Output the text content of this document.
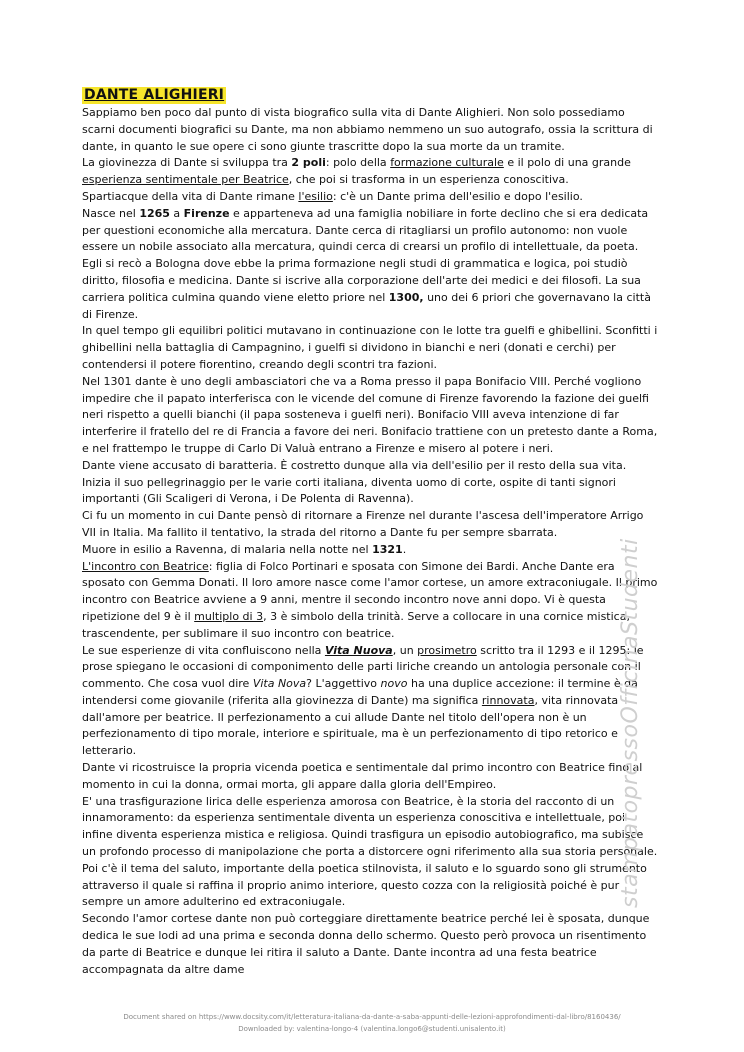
DANTE ALIGHIERI

Sappiamo ben poco dal punto di vista biografico sulla vita di Dante Alighieri. Non solo possediamo scarni documenti biografici su Dante, ma non abbiamo nemmeno un suo autografo, ossia la scrittura di dante, in quanto le sue opere ci sono giunte trascritte dopo la sua morte da un tramite.

La giovinezza di Dante si sviluppa tra 2 poli: polo della formazione culturale e il polo di una grande esperienza sentimentale per Beatrice, che poi si trasforma in un esperienza conoscitiva.

Spartiacque della vita di Dante rimane l'esilio: c'è un Dante prima dell'esilio e dopo l'esilio.

Nasce nel 1265 a Firenze e apparteneva ad una famiglia nobiliare in forte declino che si era dedicata per questioni economiche alla mercatura. Dante cerca di ritagliarsi un profilo autonomo: non vuole essere un nobile associato alla mercatura, quindi cerca di crearsi un profilo di intellettuale, da poeta. Egli si recò a Bologna dove ebbe la prima formazione negli studi di grammatica e logica, poi studiò diritto, filosofia e medicina. Dante si iscrive alla corporazione dell'arte dei medici e dei filosofi. La sua carriera politica culmina quando viene eletto priore nel 1300, uno dei 6 priori che governavano la città di Firenze.

In quel tempo gli equilibri politici mutavano in continuazione con le lotte tra guelfi e ghibellini. Sconfitti i ghibellini nella battaglia di Campagnino, i guelfi si dividono in bianchi e neri (donati e cerchi) per contendersi il potere fiorentino, creando degli scontri tra fazioni.

Nel 1301 dante è uno degli ambasciatori che va a Roma presso il papa Bonifacio VIII. Perché vogliono impedire che il papato interferisca con le vicende del comune di Firenze favorendo la fazione dei guelfi neri rispetto a quelli bianchi (il papa sosteneva i guelfi neri). Bonifacio VIII aveva intenzione di far interferire il fratello del re di Francia a favore dei neri. Bonifacio trattiene con un pretesto dante a Roma, e nel frattempo le truppe di Carlo Di Valuà entrano a Firenze e misero al potere i neri.

Dante viene accusato di baratteria. È costretto dunque alla via dell'esilio per il resto della sua vita. Inizia il suo pellegrinaggio per le varie corti italiana, diventa uomo di corte, ospite di tanti signori importanti (Gli Scaligeri di Verona, i De Polenta di Ravenna).

Ci fu un momento in cui Dante pensò di ritornare a Firenze nel durante l'ascesa dell'imperatore Arrigo VII in Italia. Ma fallito il tentativo, la strada del ritorno a Dante fu per sempre sbarrata.

Muore in esilio a Ravenna, di malaria nella notte nel 1321.

L'incontro con Beatrice: figlia di Folco Portinari e sposata con Simone dei Bardi. Anche Dante era sposato con Gemma Donati. Il loro amore nasce come l'amor cortese, un amore extraconiugale. Il primo incontro con Beatrice avviene a 9 anni, mentre il secondo incontro nove anni dopo. Vi è questa ripetizione del 9 è il multiplo di 3, 3 è simbolo della trinità. Serve a collocare in una cornice mistica, trascendente, per sublimare il suo incontro con beatrice.

Le sue esperienze di vita confluiscono nella Vita Nuova, un prosimetro scritto tra il 1293 e il 1295: le prose spiegano le occasioni di componimento delle parti liriche creando un antologia personale con il commento. Che cosa vuol dire Vita Nova? L'aggettivo novo ha una duplice accezione: il termine è da intendersi come giovanile (riferita alla giovinezza di Dante) ma significa rinnovata, vita rinnovata dall'amore per beatrice. Il perfezionamento a cui allude Dante nel titolo dell'opera non è un perfezionamento di tipo morale, interiore e spirituale, ma è un perfezionamento di tipo retorico e letterario.

Dante vi ricostruisce la propria vicenda poetica e sentimentale dal primo incontro con Beatrice fino al momento in cui la donna, ormai morta, gli appare dalla gloria dell'Empireo.

E' una trasfigurazione lirica delle esperienza amorosa con Beatrice, è la storia del racconto di un innamoramento: da esperienza sentimentale diventa un esperienza conoscitiva e intellettuale, poi infine diventa esperienza mistica e religiosa. Quindi trasfigura un episodio autobiografico, ma subisce un profondo processo di manipolazione che porta a distorcere ogni riferimento alla sua storia personale.

Poi c'è il tema del saluto, importante della poetica stilnovista, il saluto e lo sguardo sono gli strumento attraverso il quale si raffina il proprio animo interiore, questo cozza con la religiosità poiché è pur sempre un amore adulterino ed extraconiugale.

Secondo l'amor cortese dante non può corteggiare direttamente beatrice perché lei è sposata, dunque dedica le sue lodi ad una prima e seconda donna dello schermo. Questo però provoca un risentimento da parte di Beatrice e dunque lei ritira il saluto a Dante. Dante incontra ad una festa beatrice accompagnata da altre dame

stampatopressoOfficinaStudenti
Document shared on https://www.docsity.com/it/letteratura-italiana-da-dante-a-saba-appunti-delle-lezioni-approfondimenti-dal-libro/8160436/
Downloaded by: valentina-longo-4 (valentina.longo6@studenti.unisalento.it)
